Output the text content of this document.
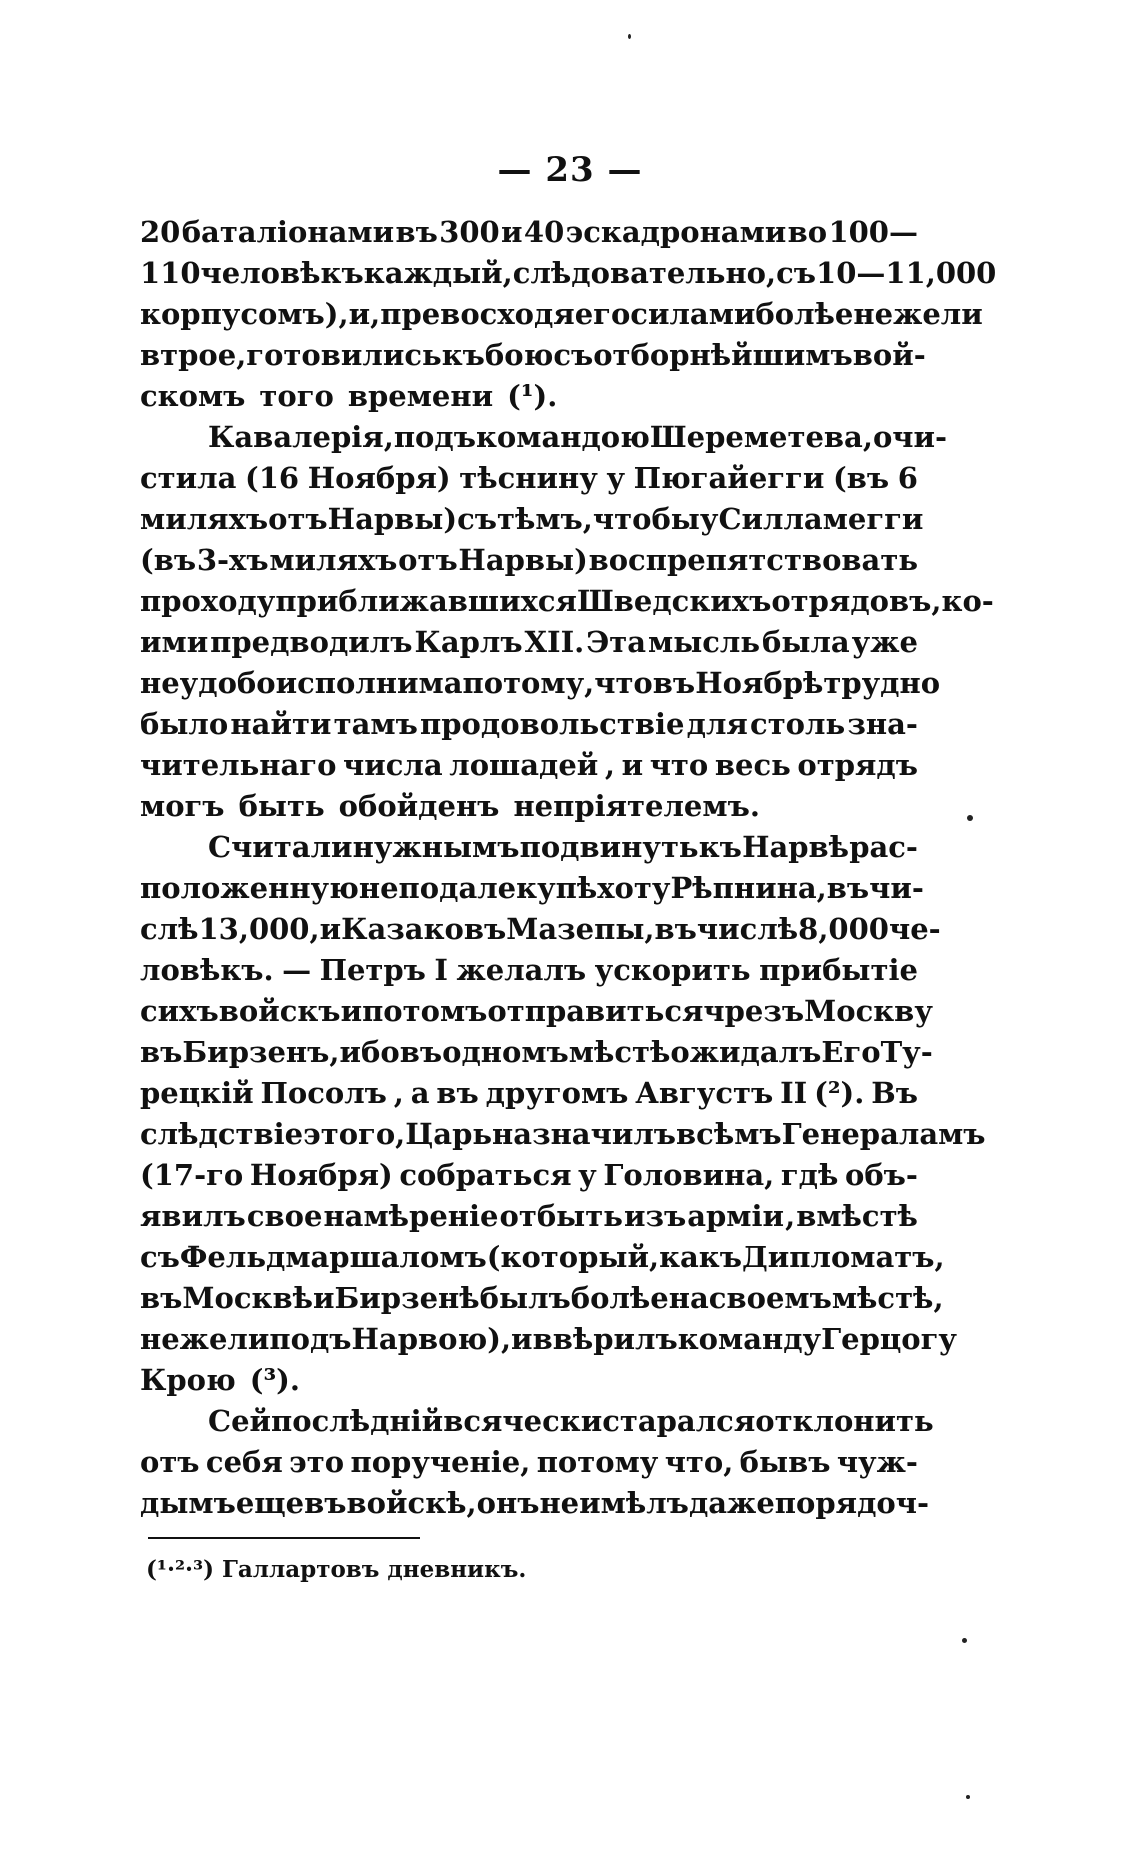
— 23 —
20 баталіонами въ 300 и 40 эскадронами во 100—
110 человѣкъ каждый, слѣдовательно, съ 10—11,000
корпусомъ), и, превосходя его силами болѣе нежели
втрое, готовились къ бою съ отборнѣйшимъ вой-
скомъ того времени (¹).
Кавалерія, подъ командою Шереметева , очи-
стила (16 Ноября) тѣснину у Пюгайегги (въ 6
миляхъ отъ Нарвы) съ тѣмъ, чтобы у Силламегги
(въ 3-хъ миляхъ отъ Нарвы) воспрепятствовать
проходу приближавшихся Шведскихъ отрядовъ, ко-
ими предводилъ Карлъ XII. Эта мысль была уже
неудобоисполнима потому, что въ Ноябрѣ трудно
было найти тамъ продовольствіе для столь зна-
чительнаго числа лошадей , и что весь отрядъ
могъ быть обойденъ непріятелемъ.
Считали нужнымъ подвинуть къ Нарвѣ рас-
положенную не подалеку пѣхоту Рѣпнина, въ чи-
слѣ 13,000, и Казаковъ Мазепы, въ числѣ 8,000 че-
ловѣкъ. — Петръ I желалъ ускорить прибытіе
сихъ войскъ и потомъ отправиться чрезъ Москву
въ Бирзенъ, ибо въ одномъ мѣстѣ ожидалъ Его Ту-
рецкій Посолъ , а въ другомъ Августъ II (²). Въ
слѣдствіе этого, Царь назначилъ всѣмъ Генераламъ
(17-го Ноября) собраться у Головина, гдѣ объ-
явилъ свое намѣреніе отбыть изъ арміи , вмѣстѣ
съ Фельдмаршаломъ (который , какъ Дипломатъ,
въ Москвѣ и Бирзенѣ былъ болѣе на своемъ мѣстѣ,
нежели подъ Нарвою), и ввѣрилъ команду Герцогу
Крою (³).
Сей послѣдній всячески старался отклонить
отъ себя это порученіе, потому что, бывъ чуж-
дымъ еще въ войскѣ, онъ не имѣлъ даже порядоч-
(¹·²·³) Галлартовъ дневникъ.
